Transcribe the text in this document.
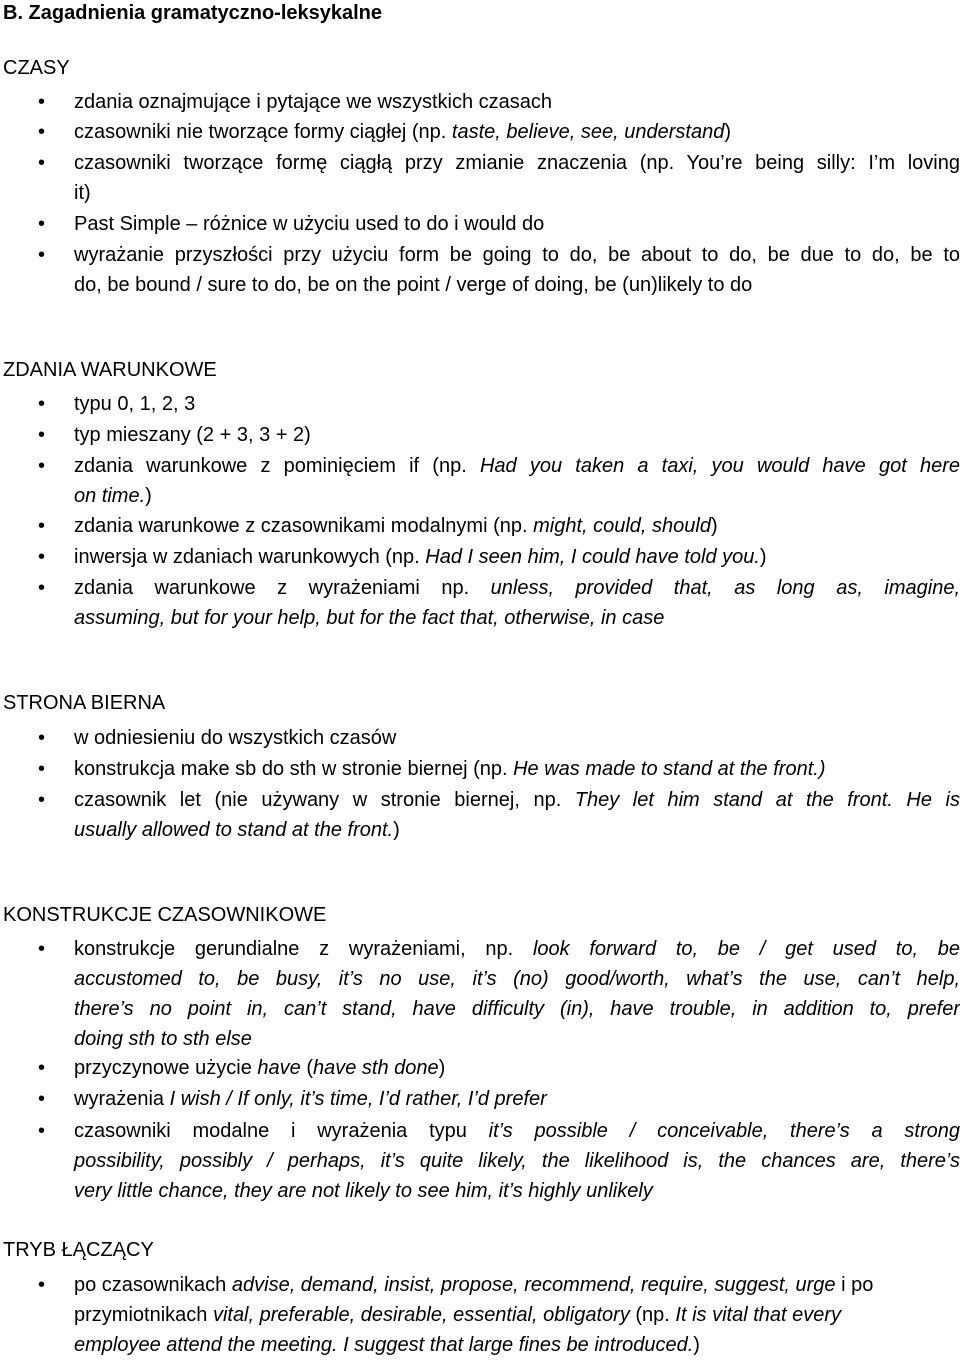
B. Zagadnienia gramatyczno-leksykalne
CZASY
• zdania oznajmujące i pytające we wszystkich czasach
• czasowniki nie tworzące formy ciągłej (np. taste, believe, see, understand)
• czasowniki tworzące formę ciągłą przy zmianie znaczenia (np. You’re being silly: I’m loving
it)
• Past Simple – różnice w użyciu used to do i would do
• wyrażanie przyszłości przy użyciu form be going to do, be about to do, be due to do, be to
do, be bound / sure to do, be on the point / verge of doing, be (un)likely to do
ZDANIA WARUNKOWE
• typu 0, 1, 2, 3
• typ mieszany (2 + 3, 3 + 2)
• zdania warunkowe z pominięciem if (np. Had you taken a taxi, you would have got here
on time.)
• zdania warunkowe z czasownikami modalnymi (np. might, could, should)
• inwersja w zdaniach warunkowych (np. Had I seen him, I could have told you.)
• zdania warunkowe z wyrażeniami np. unless, provided that, as long as, imagine,
assuming, but for your help, but for the fact that, otherwise, in case
STRONA BIERNA
• w odniesieniu do wszystkich czasów
• konstrukcja make sb do sth w stronie biernej (np. He was made to stand at the front.)
• czasownik let (nie używany w stronie biernej, np. They let him stand at the front. He is
usually allowed to stand at the front.)
KONSTRUKCJE CZASOWNIKOWE
• konstrukcje gerundialne z wyrażeniami, np. look forward to, be / get used to, be
accustomed to, be busy, it’s no use, it’s (no) good/worth, what’s the use, can’t help,
there’s no point in, can’t stand, have difficulty (in), have trouble, in addition to, prefer
doing sth to sth else
• przyczynowe użycie have (have sth done)
• wyrażenia I wish / If only, it’s time, I’d rather, I’d prefer
• czasowniki modalne i wyrażenia typu it’s possible / conceivable, there’s a strong
possibility, possibly / perhaps, it’s quite likely, the likelihood is, the chances are, there’s
very little chance, they are not likely to see him, it’s highly unlikely
TRYB ŁĄCZĄCY
• po czasownikach advise, demand, insist, propose, recommend, require, suggest, urge i po
przymiotnikach vital, preferable, desirable, essential, obligatory (np. It is vital that every
employee attend the meeting. I suggest that large fines be introduced.)
